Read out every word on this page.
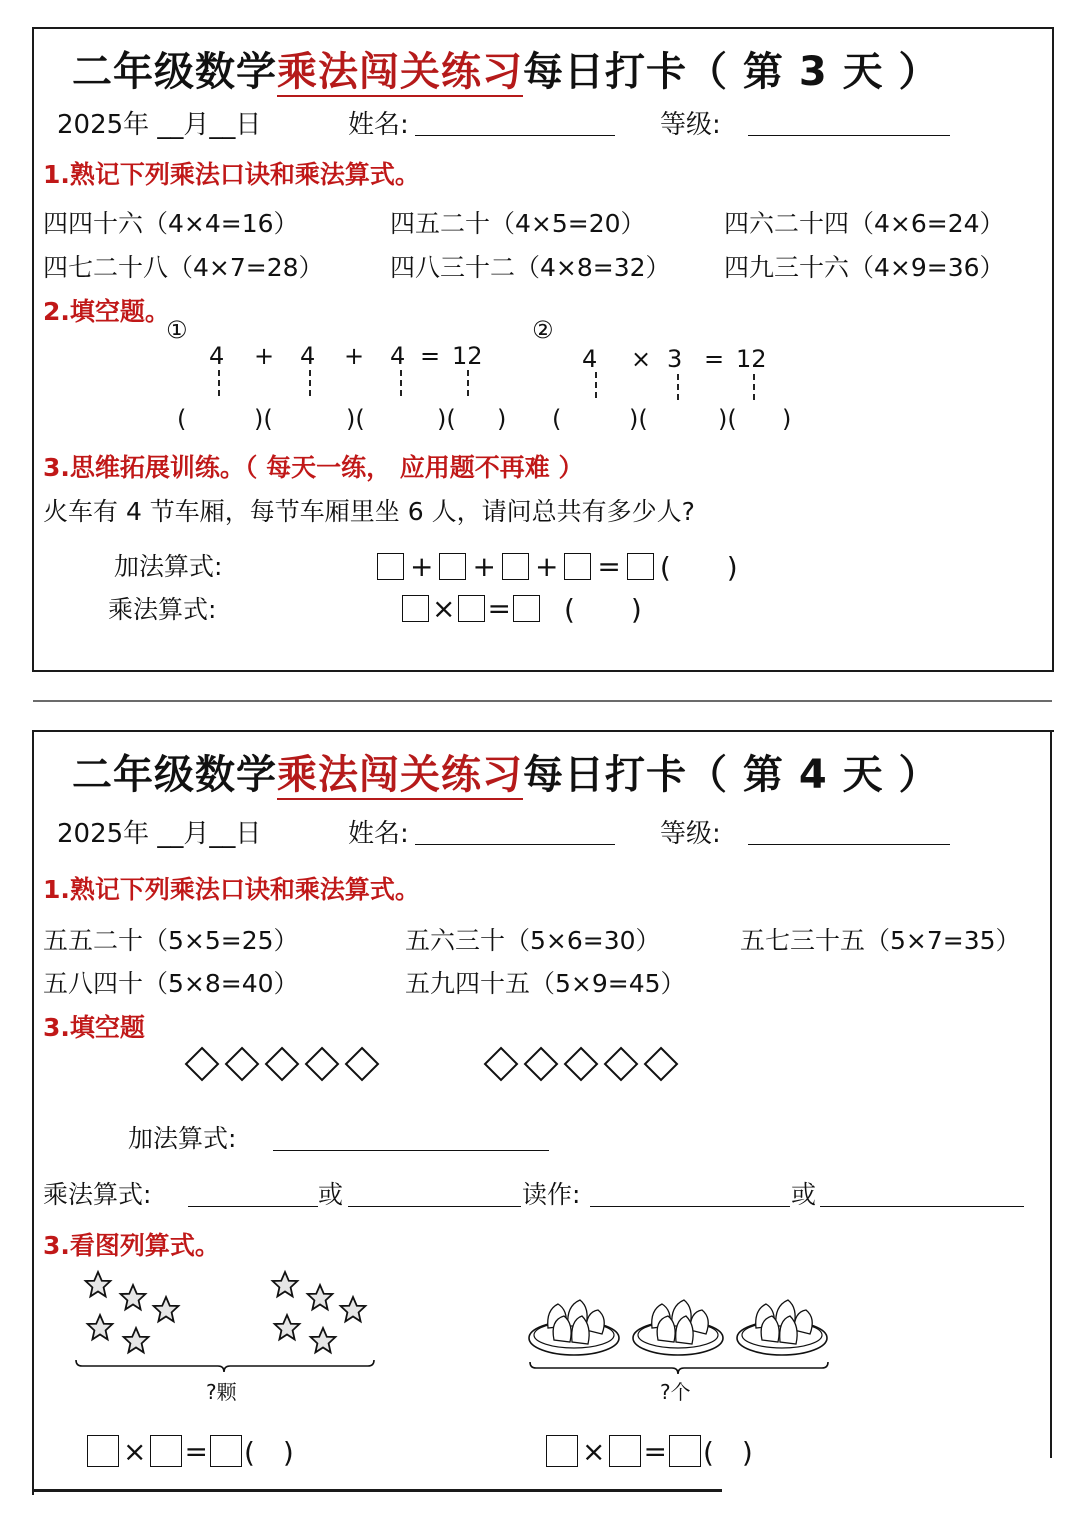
二年级数学乘法闯关练习每日打卡（ 第 3 天 ）
2025年 __月__日	姓名:	等级:
1.熟记下列乘法口诀和乘法算式。
四四十六（4×4=16）	四五二十（4×5=20）	四六二十四（4×6=24）
四七二十八（4×7=28）	四八三十二（4×8=32） 四九三十六（4×9=36）
2.填空题。
①	②
4 + 4 + 4 = 12	4 × 3 = 12
(	)(	)(	)( ) (	)(	)( )
3.思维拓展训练。（ 每天一练， 应用题不再难 ）
火车有 4 节车厢，每节车厢里坐 6 人，请问总共有多少人?
加法算式:	+ + + = (　　)
乘法算式:	× = (　　)
二年级数学乘法闯关练习每日打卡（ 第 4 天 ）
2025年 __月__日	姓名:	等级:
1.熟记下列乘法口诀和乘法算式。
五五二十（5×5=25）	五六三十（5×6=30）	五七三十五（5×7=35）
五八四十（5×8=40）	五九四十五（5×9=45）
3.填空题
加法算式:
乘法算式:	或	读作:	或
3.看图列算式。
?颗	?个
× = (　)	× = (　)
